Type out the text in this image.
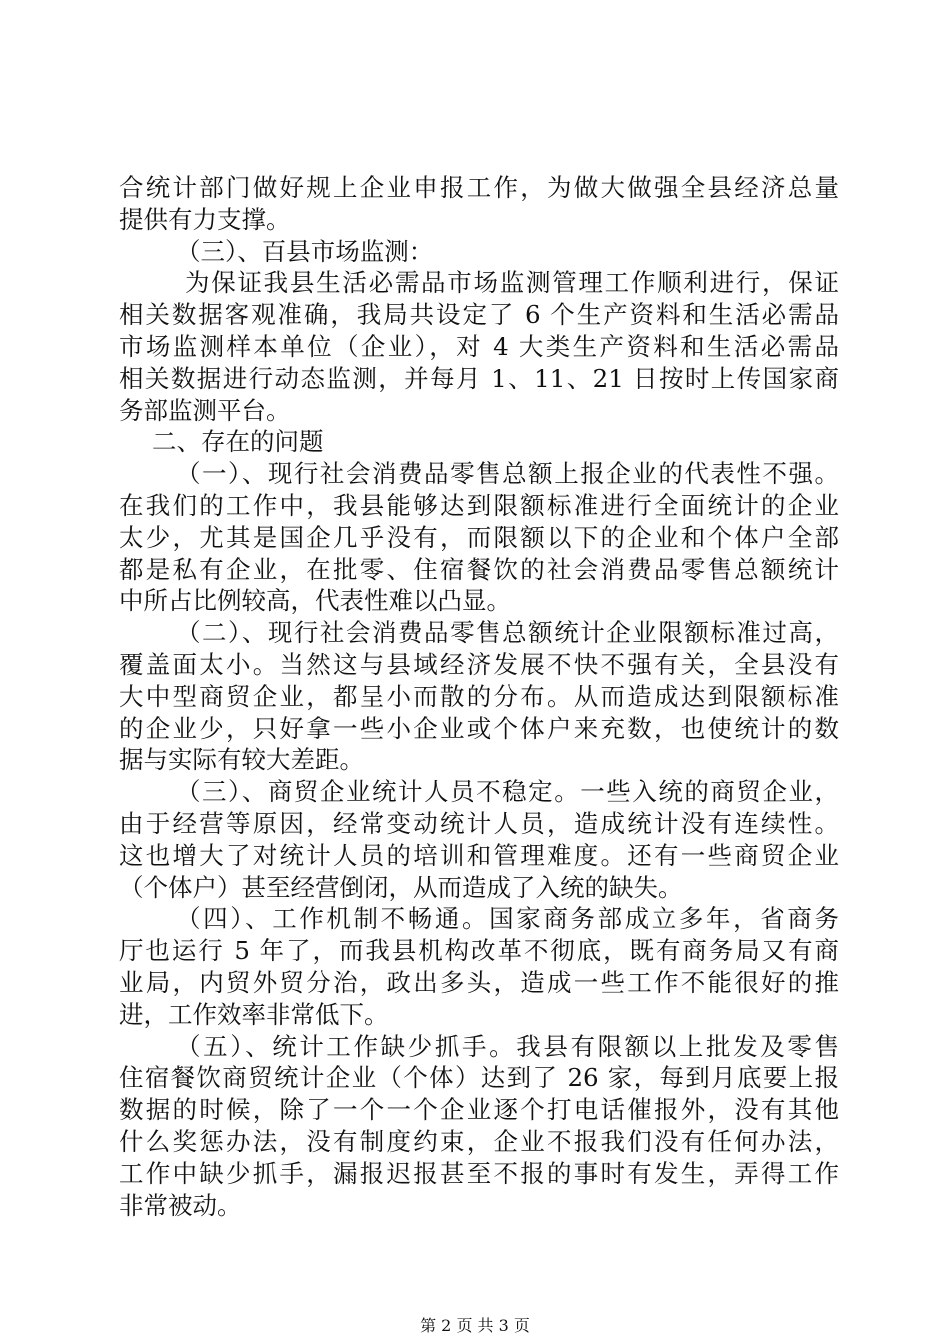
合统计部门做好规上企业申报工作，为做大做强全县经济总量
提供有力支撑。
（三）、百县市场监测：
为保证我县生活必需品市场监测管理工作顺利进行，保证
相关数据客观准确，我局共设定了 6 个生产资料和生活必需品
市场监测样本单位（企业），对 4 大类生产资料和生活必需品
相关数据进行动态监测，并每月 1、11、21 日按时上传国家商
务部监测平台。
二、存在的问题
（一）、现行社会消费品零售总额上报企业的代表性不强。
在我们的工作中，我县能够达到限额标准进行全面统计的企业
太少，尤其是国企几乎没有，而限额以下的企业和个体户全部
都是私有企业，在批零、住宿餐饮的社会消费品零售总额统计
中所占比例较高，代表性难以凸显。
（二）、现行社会消费品零售总额统计企业限额标准过高，
覆盖面太小。当然这与县域经济发展不快不强有关，全县没有
大中型商贸企业，都呈小而散的分布。从而造成达到限额标准
的企业少，只好拿一些小企业或个体户来充数，也使统计的数
据与实际有较大差距。
（三）、商贸企业统计人员不稳定。一些入统的商贸企业，
由于经营等原因，经常变动统计人员，造成统计没有连续性。
这也增大了对统计人员的培训和管理难度。还有一些商贸企业
（个体户）甚至经营倒闭，从而造成了入统的缺失。
（四）、工作机制不畅通。国家商务部成立多年，省商务
厅也运行 5 年了，而我县机构改革不彻底，既有商务局又有商
业局，内贸外贸分治，政出多头，造成一些工作不能很好的推
进，工作效率非常低下。
（五）、统计工作缺少抓手。我县有限额以上批发及零售
住宿餐饮商贸统计企业（个体）达到了 26 家，每到月底要上报
数据的时候，除了一个一个企业逐个打电话催报外，没有其他
什么奖惩办法，没有制度约束，企业不报我们没有任何办法，
工作中缺少抓手，漏报迟报甚至不报的事时有发生，弄得工作
非常被动。
第 2 页 共 3 页
